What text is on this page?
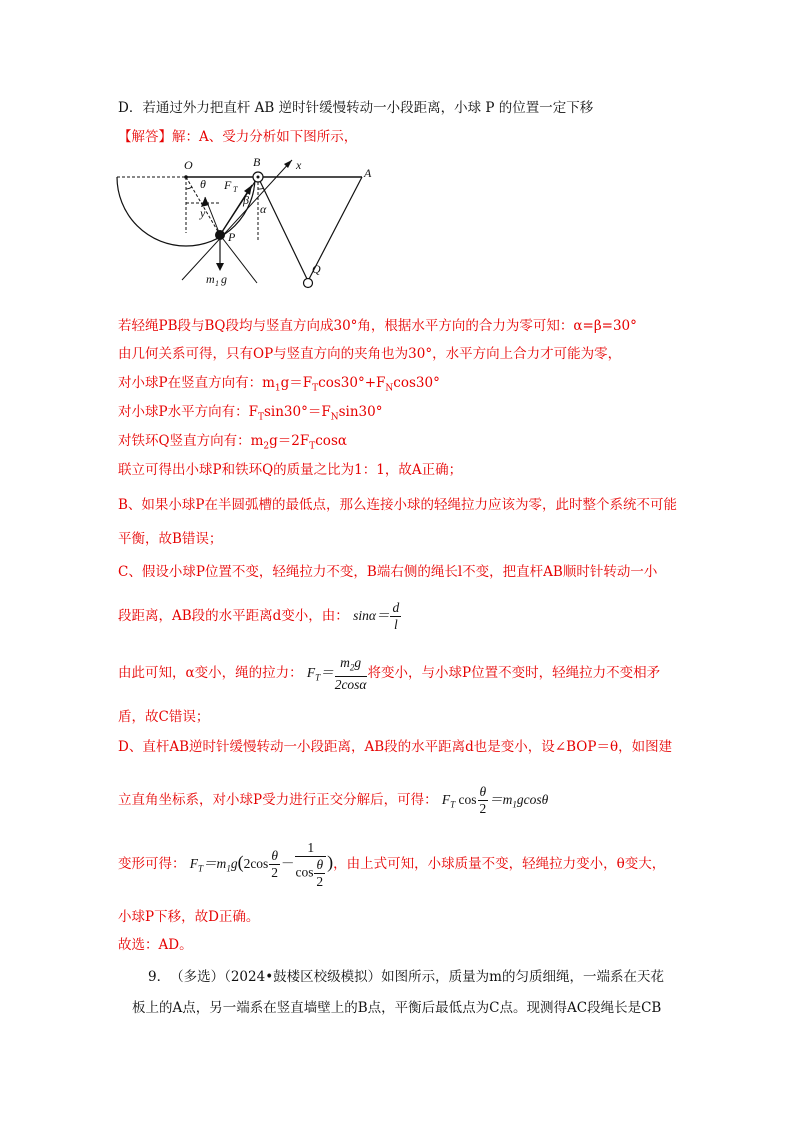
D．若通过外力把直杆 AB 逆时针缓慢转动一小段距离，小球 P 的位置一定下移
【解答】解：A、受力分析如下图所示，
O	B	x
A
θ F T
β
y	α
P
Q
m 1 g
若轻绳PB段与BQ段均与竖直方向成30°角，根据水平方向的合力为零可知：α=β=30°
由几何关系可得，只有OP与竖直方向的夹角也为30°，水平方向上合力才可能为零，
对小球P在竖直方向有：$m_1g=F_T\cos 30^\circ+F_N\cos 30^\circ$
对小球P水平方向有：$F_T\sin 30^\circ=F_N\sin 30^\circ$
对铁环Q竖直方向有：$m_2g=2F_T\cos\alpha$
联立可得出小球P和铁环Q的质量之比为1：1，故A正确；
B、如果小球P在半圆弧槽的最低点，那么连接小球的轻绳拉力应该为零，此时整个系统不可能
平衡，故B错误；
C、假设小球P位置不变，轻绳拉力不变，B端右侧的绳长l不变，把直杆AB顺时针转动一小
段距离，AB段的水平距离d变小，由： $\sin\alpha= \frac{d}{l}$
由此可知，α变小，绳的拉力： $F_T= \frac{m_2g}{2\cos\alpha}$ 将变小，与小球P位置不变时，轻绳拉力不变相矛
盾，故C错误；
D、直杆AB逆时针缓慢转动一小段距离，AB段的水平距离d也是变小，设∠BOP＝θ，如图建
立直角坐标系，对小球P受力进行正交分解后，可得： $F_T$ $\cos \frac{\theta}{2} =m_1gcos\theta$
变形可得： $F_T=m_1g(2\cos \frac{\theta}{2} - \frac{1}{\cos \frac{\theta}{2}}$ )，由上式可知，小球质量不变，轻绳拉力变小，θ变大，
小球P下移，故D正确。
故选：AD。
9．　（多选）（2024•鼓楼区校级模拟）如图所示，质量为m的匀质细绳，一端系在天花
板上的A点，另一端系在竖直墙壁上的B点，平衡后最低点为C点。现测得AC段绳长是CB
